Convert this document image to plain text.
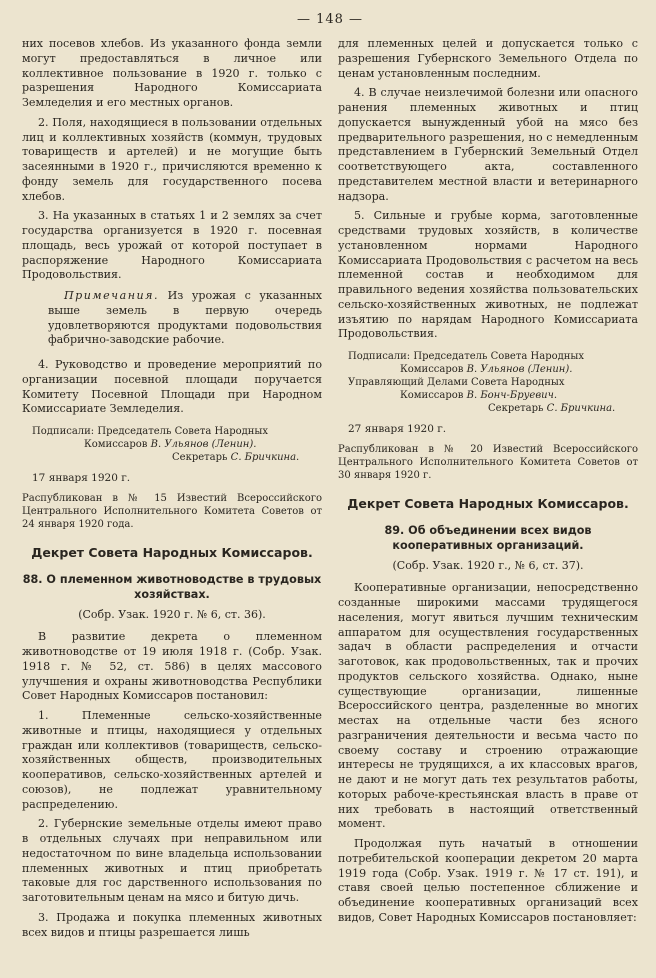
— 148 —

них посевов хлебов. Из указанного фонда земли могут предоставляться в личное или коллективное пользование в 1920 г. только с разрешения Народного Комиссариата Земледелия и его местных органов.

2. Поля, находящиеся в пользовании отдельных лиц и коллективных хозяйств (коммун, трудовых товариществ и артелей) и не могущие быть засеянными в 1920 г., причисляются временно к фонду земель для государственного посева хлебов.

3. На указанных в статьях 1 и 2 землях за счет государства организуется в 1920 г. посевная площадь, весь урожай от которой поступает в распоряжение Народного Комиссариата Продовольствия.

Примечания. Из урожая с указанных выше земель в первую очередь удовлетворяются продуктами подовольствия фабрично-заводские рабочие.

4. Руководство и проведение мероприятий по организации посевной площади поручается Комитету Посевной Площади при Народном Комиссариате Земледелия.

Подписали: Председатель Совета Народных
Комиссаров В. Ульянов (Ленин).
Секретарь С. Бричкина.
17 января 1920 г.

Распубликован в № 15 Известий Всероссийского Центрального Исполнительного Комитета Советов от 24 января 1920 года.

Декрет Совета Народных Комиссаров.
88. О племенном животноводстве в трудовых хозяйствах.
(Собр. Узак. 1920 г. № 6, ст. 36).

В развитие декрета о племенном животноводстве от 19 июля 1918 г. (Собр. Узак. 1918 г. № 52, ст. 586) в целях массового улучшения и охраны животноводства Республики Совет Народных Комиссаров постановил:

1. Племенные сельско-хозяйственные животные и птицы, находящиеся у отдельных граждан или коллективов (товариществ, сельско-хозяйственных обществ, производительных кооперативов, сельско-хозяйственных артелей и союзов), не подлежат уравнительному распределению.

2. Губернские земельные отделы имеют право в отдельных случаях при неправильном или недостаточном по вине владельца использовании племенных животных и птиц приобретать таковые для гос дарственного использования по заготовительным ценам на мясо и битую дичь.

3. Продажа и покупка племенных животных всех видов и птицы разрешается лишь

для племенных целей и допускается только с разрешения Губернского Земельного Отдела по ценам установленным последним.

4. В случае неизлечимой болезни или опасного ранения племенных животных и птиц допускается вынужденный убой на мясо без предварительного разрешения, но с немедленным представлением в Губернский Земельный Отдел соответствующего акта, составленного представителем местной власти и ветеринарного надзора.

5. Сильные и грубые корма, заготовленные средствами трудовых хозяйств, в количестве установленном нормами Народного Комиссариата Продовольствия с расчетом на весь племенной состав и необходимом для правильного ведения хозяйства пользовательских сельско-хозяйственных животных, не подлежат изъятию по нарядам Народного Комиссариата Продовольствия.

Подписали: Председатель Совета Народных
Комиссаров В. Ульянов (Ленин).
Управляющий Делами Совета Народных
Комиссаров В. Бонч-Бруевич.
Секретарь С. Бричкина.
27 января 1920 г.

Распубликован в № 20 Известий Всероссийского Центрального Исполнительного Комитета Советов от 30 января 1920 г.

Декрет Совета Народных Комиссаров.
89. Об объединении всех видов кооперативных организаций.
(Собр. Узак. 1920 г., № 6, ст. 37).

Кооперативные организации, непосредственно созданные широкими массами трудящегося населения, могут явиться лучшим техническим аппаратом для осуществления государственных задач в области распределения и отчасти заготовок, как продовольственных, так и прочих продуктов сельского хозяйства. Однако, ныне существующие организации, лишенные Всероссийского центра, разделенные во многих местах на отдельные части без ясного разграничения деятельности и весьма часто по своему составу и строению отражающие интересы не трудящихся, а их классовых врагов, не дают и не могут дать тех результатов работы, которых рабоче-крестьянская власть в праве от них требовать в настоящий ответственный момент.

Продолжая путь начатый в отношении потребительской кооперации декретом 20 марта 1919 года (Собр. Узак. 1919 г. № 17 ст. 191), и ставя своей целью постепенное сближение и объединение кооперативных организаций всех видов, Совет Народных Комиссаров постановляет:
